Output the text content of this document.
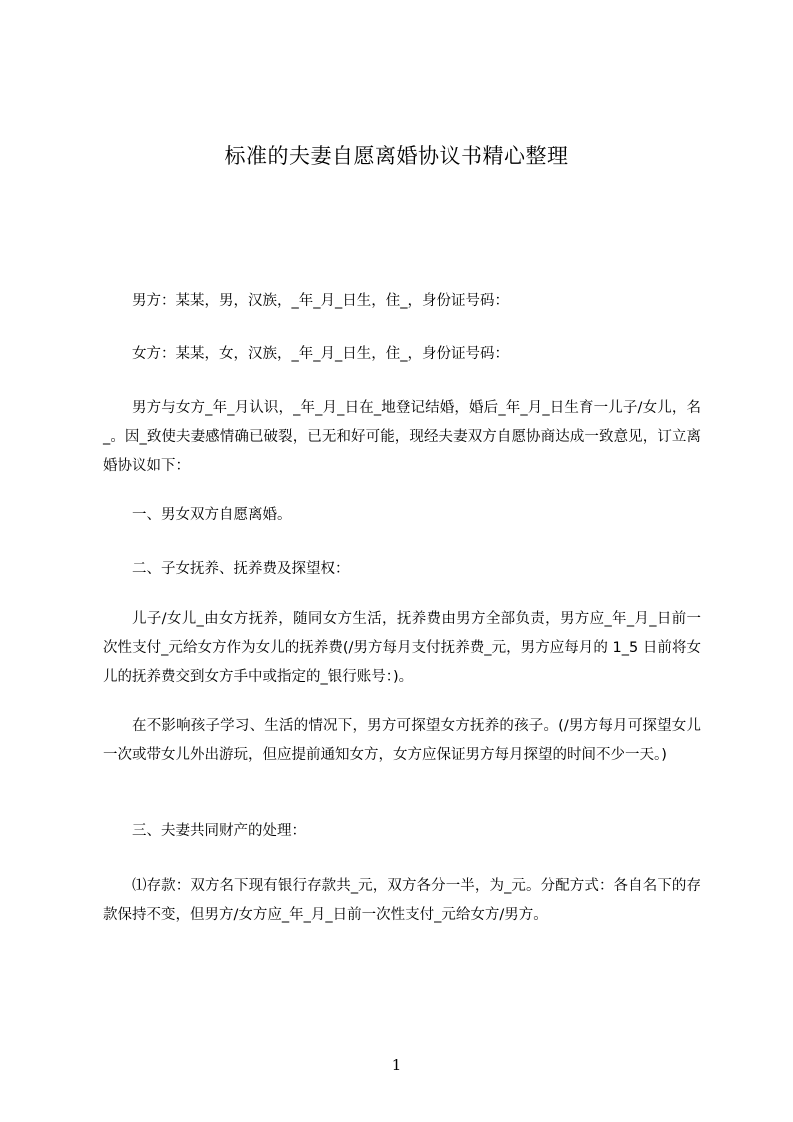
标准的夫妻自愿离婚协议书精心整理

男方：某某，男，汉族，_年_月_日生，住_，身份证号码：

女方：某某，女，汉族，_年_月_日生，住_，身份证号码：

男方与女方_年_月认识，_年_月_日在_地登记结婚，婚后_年_月_日生育一儿子/女儿，名_。因_致使夫妻感情确已破裂，已无和好可能，现经夫妻双方自愿协商达成一致意见，订立离婚协议如下：

一、男女双方自愿离婚。

二、子女抚养、抚养费及探望权：

儿子/女儿_由女方抚养，随同女方生活，抚养费由男方全部负责，男方应_年_月_日前一次性支付_元给女方作为女儿的抚养费(/男方每月支付抚养费_元，男方应每月的 1_5 日前将女儿的抚养费交到女方手中或指定的_银行账号：)。

在不影响孩子学习、生活的情况下，男方可探望女方抚养的孩子。(/男方每月可探望女儿一次或带女儿外出游玩，但应提前通知女方，女方应保证男方每月探望的时间不少一天。)

三、夫妻共同财产的处理：

⑴存款：双方名下现有银行存款共_元，双方各分一半，为_元。分配方式：各自名下的存款保持不变，但男方/女方应_年_月_日前一次性支付_元给女方/男方。

1
